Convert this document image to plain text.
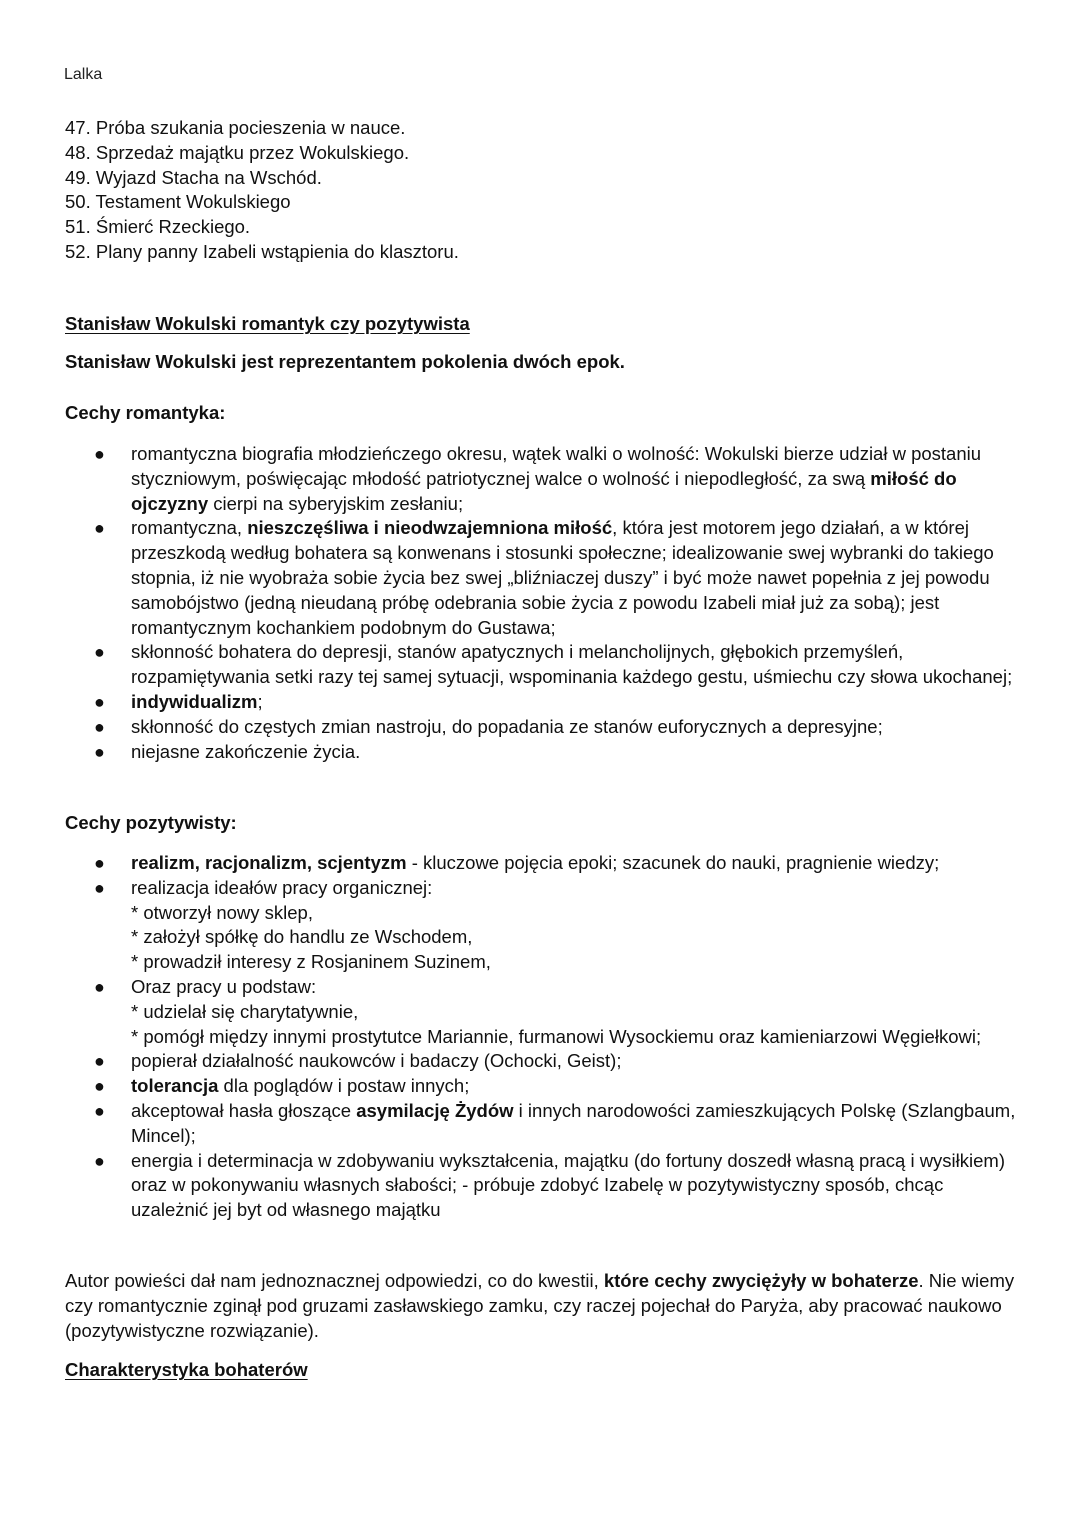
Lalka
47. Próba szukania pocieszenia w nauce.
48. Sprzedaż majątku przez Wokulskiego.
49. Wyjazd Stacha na Wschód.
50. Testament Wokulskiego
51. Śmierć Rzeckiego.
52. Plany panny Izabeli wstąpienia do klasztoru.
Stanisław Wokulski romantyk czy pozytywista
Stanisław Wokulski jest reprezentantem pokolenia dwóch epok.
Cechy romantyka:
● romantyczna biografia młodzieńczego okresu, wątek walki o wolność: Wokulski bierze udział w postaniu styczniowym, poświęcając młodość patriotycznej walce o wolność i niepodległość, za swą miłość do ojczyzny cierpi na syberyjskim zesłaniu;
● romantyczna, nieszczęśliwa i nieodwzajemniona miłość, która jest motorem jego działań, a w której przeszkodą według bohatera są konwenans i stosunki społeczne; idealizowanie swej wybranki do takiego stopnia, iż nie wyobraża sobie życia bez swej „bliźniaczej duszy” i być może nawet popełnia z jej powodu samobójstwo (jedną nieudaną próbę odebrania sobie życia z powodu Izabeli miał już za sobą); jest romantycznym kochankiem podobnym do Gustawa;
● skłonność bohatera do depresji, stanów apatycznych i melancholijnych, głębokich przemyśleń, rozpamiętywania setki razy tej samej sytuacji, wspominania każdego gestu, uśmiechu czy słowa ukochanej;
● indywidualizm;
● skłonność do częstych zmian nastroju, do popadania ze stanów euforycznych a depresyjne;
● niejasne zakończenie życia.
Cechy pozytywisty:
● realizm, racjonalizm, scjentyzm - kluczowe pojęcia epoki; szacunek do nauki, pragnienie wiedzy;
● realizacja ideałów pracy organicznej:
* otworzył nowy sklep,
* założył spółkę do handlu ze Wschodem,
* prowadził interesy z Rosjaninem Suzinem,
● Oraz pracy u podstaw:
* udzielał się charytatywnie,
* pomógł między innymi prostytutce Mariannie, furmanowi Wysockiemu oraz kamieniarzowi Węgiełkowi;
● popierał działalność naukowców i badaczy (Ochocki, Geist);
● tolerancja dla poglądów i postaw innych;
● akceptował hasła głoszące asymilację Żydów i innych narodowości zamieszkujących Polskę (Szlangbaum, Mincel);
● energia i determinacja w zdobywaniu wykształcenia, majątku (do fortuny doszedł własną pracą i wysiłkiem) oraz w pokonywaniu własnych słabości; - próbuje zdobyć Izabelę w pozytywistyczny sposób, chcąc uzależnić jej byt od własnego majątku
Autor powieści dał nam jednoznacznej odpowiedzi, co do kwestii, które cechy zwyciężyły w bohaterze. Nie wiemy czy romantycznie zginął pod gruzami zasławskiego zamku, czy raczej pojechał do Paryża, aby pracować naukowo (pozytywistyczne rozwiązanie).
Charakterystyka bohaterów
